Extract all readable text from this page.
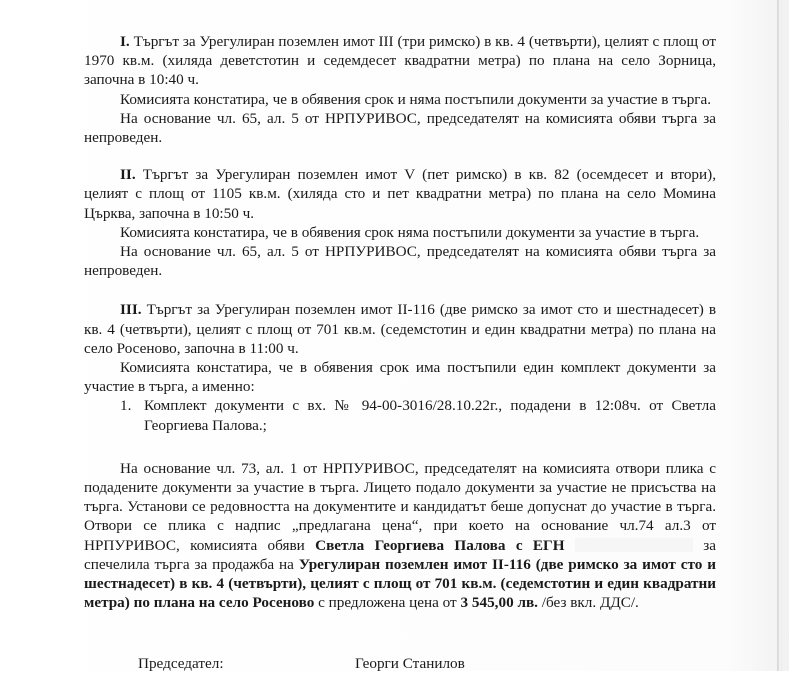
I. Търгът за Урегулиран поземлен имот III (три римско) в кв. 4 (четвърти), целият с площ от 1970 кв.м. (хиляда деветстотин и седемдесет квадратни метра) по плана на село Зорница, започна в 10:40 ч.

Комисията констатира, че в обявения срок и няма постъпили документи за участие в търга.

На основание чл. 65, ал. 5 от НРПУРИВОС, председателят на комисията обяви търга за непроведен.

II. Търгът за Урегулиран поземлен имот V (пет римско) в кв. 82 (осемдесет и втори), целият с площ от 1105 кв.м. (хиляда сто и пет квадратни метра) по плана на село Момина Църква, започна в 10:50 ч.

Комисията констатира, че в обявения срок няма постъпили документи за участие в търга.

На основание чл. 65, ал. 5 от НРПУРИВОС, председателят на комисията обяви търга за непроведен.

III. Търгът за Урегулиран поземлен имот II-116 (две римско за имот сто и шестнадесет) в кв. 4 (четвърти), целият с площ от 701 кв.м. (седемстотин и един квадратни метра) по плана на село Росеново, започна в 11:00 ч.

Комисията констатира, че в обявения срок има постъпили един комплект документи за участие в търга, а именно:

1. Комплект документи с вх. № 94-00-3016/28.10.22г., подадени в 12:08ч. от Светла Георгиева Палова.;

На основание чл. 73, ал. 1 от НРПУРИВОС, председателят на комисията отвори плика с подадените документи за участие в търга. Лицето подало документи за участие не присъства на търга. Установи се редовността на документите и кандидатът беше допуснат до участие в търга. Отвори се плика с надпис „предлагана цена“, при което на основание чл.74 ал.3 от НРПУРИВОС, комисията обяви Светла Георгиева Палова с ЕГН	за спечелила търга за продажба на Урегулиран поземлен имот II-116 (две римско за имот сто и шестнадесет) в кв. 4 (четвърти), целият с площ от 701 кв.м. (седемстотин и един квадратни метра) по плана на село Росеново с предложена цена от 3 545,00 лв. /без вкл. ДДС/.

Председател:	Георги Станилов
